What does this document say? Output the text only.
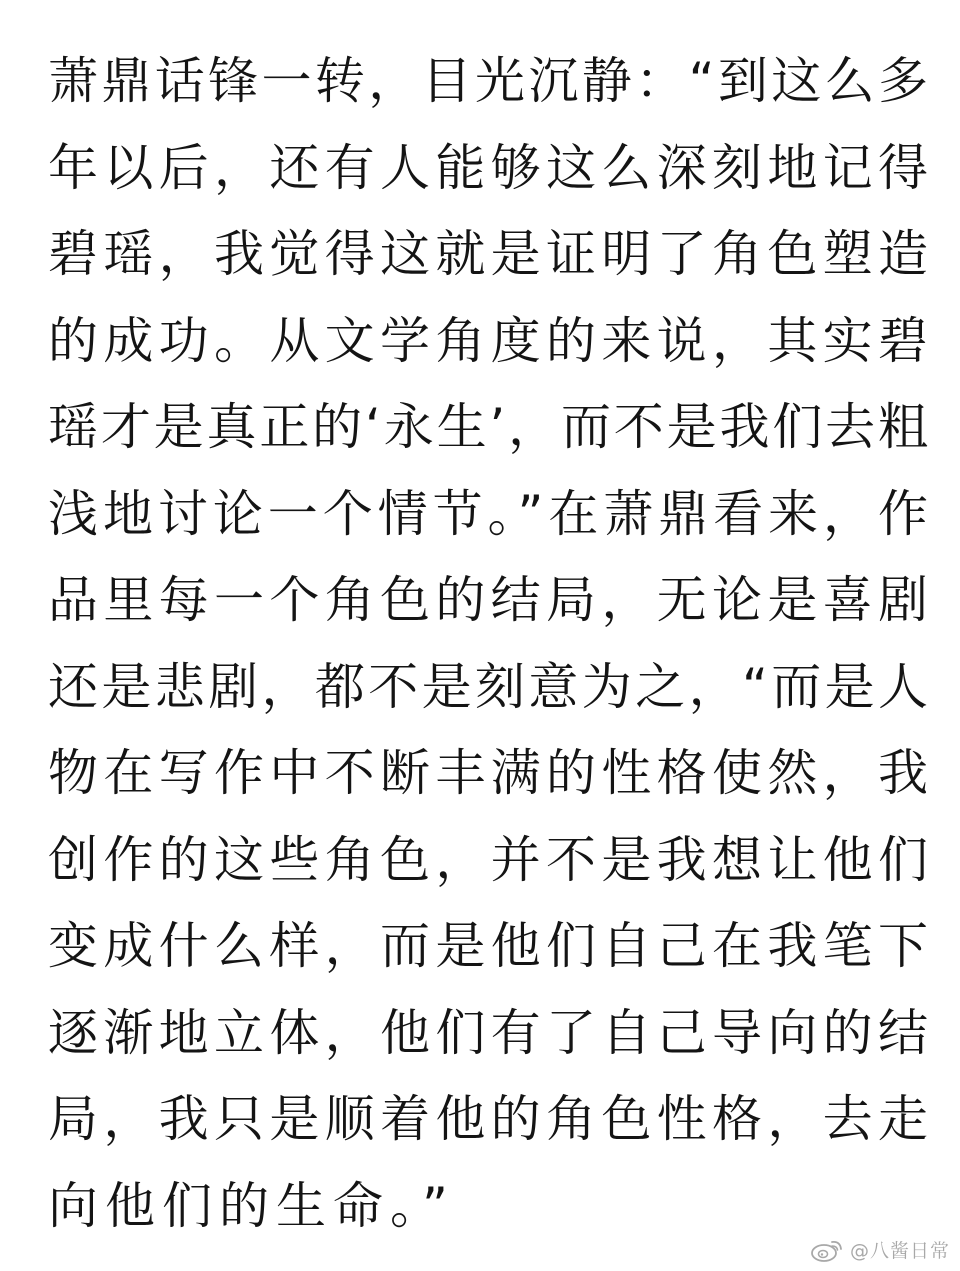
萧鼎话锋一转，目光沉静：“到这么多
年以后，还有人能够这么深刻地记得
碧瑶，我觉得这就是证明了角色塑造
的成功。从文学角度的来说，其实碧
瑶才是真正的‘永生’，而不是我们去粗
浅地讨论一个情节。”在萧鼎看来，作
品里每一个角色的结局，无论是喜剧
还是悲剧，都不是刻意为之，“而是人
物在写作中不断丰满的性格使然，我
创作的这些角色，并不是我想让他们
变成什么样，而是他们自己在我笔下
逐渐地立体，他们有了自己导向的结
局，我只是顺着他的角色性格，去走
向他们的生命。”
@八酱日常
